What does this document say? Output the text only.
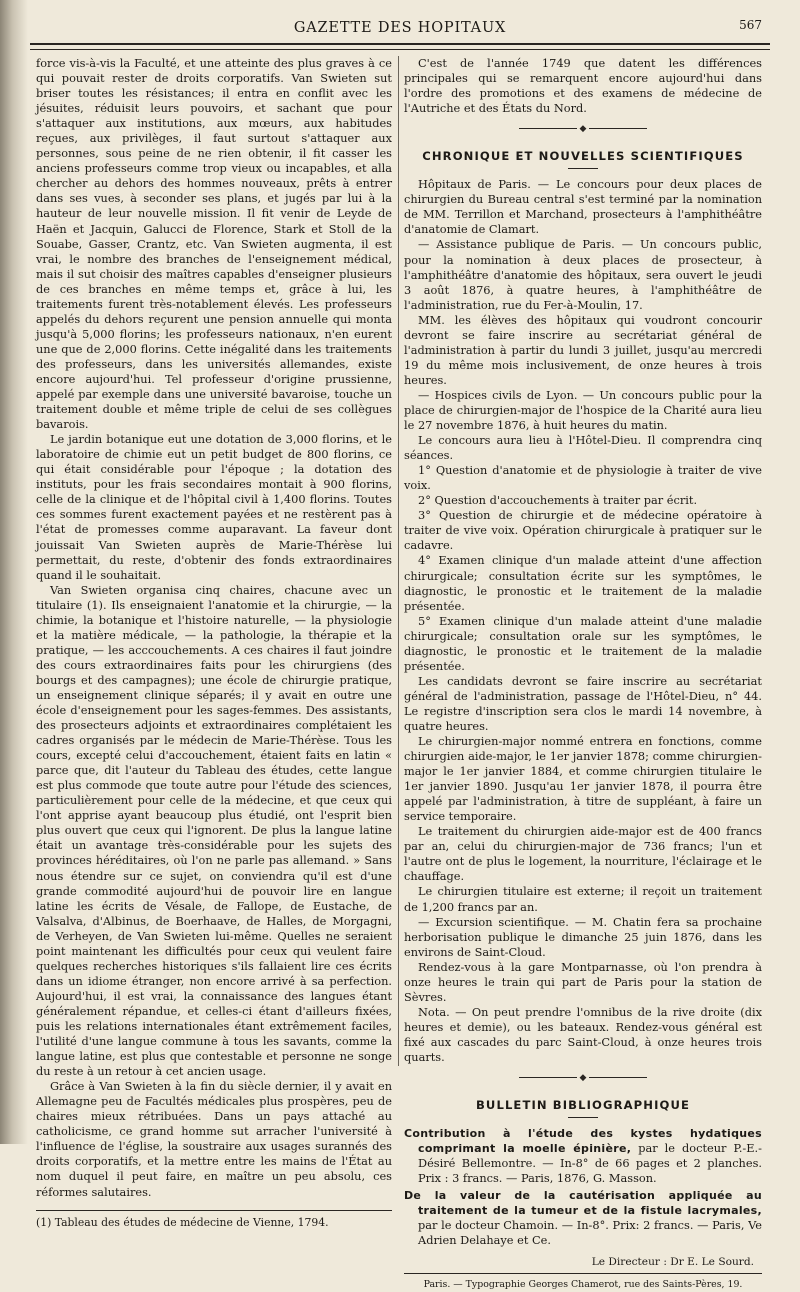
GAZETTE DES HOPITAUX	567

force vis-à-vis la Faculté, et une atteinte des plus graves à ce qui pouvait rester de droits corporatifs. Van Swieten sut briser toutes les résistances; il entra en conflit avec les jésuites, réduisit leurs pouvoirs, et sachant que pour s'attaquer aux institutions, aux mœurs, aux habitudes reçues, aux privilèges, il faut surtout s'attaquer aux personnes, sous peine de ne rien obtenir, il fit casser les anciens professeurs comme trop vieux ou incapables, et alla chercher au dehors des hommes nouveaux, prêts à entrer dans ses vues, à seconder ses plans, et jugés par lui à la hauteur de leur nouvelle mission. Il fit venir de Leyde de Haën et Jacquin, Galucci de Florence, Stark et Stoll de la Souabe, Gasser, Crantz, etc. Van Swieten augmenta, il est vrai, le nombre des branches de l'enseignement médical, mais il sut choisir des maîtres capables d'enseigner plusieurs de ces branches en même temps et, grâce à lui, les traitements furent très-notablement élevés. Les professeurs appelés du dehors reçurent une pension annuelle qui monta jusqu'à 5,000 florins; les professeurs nationaux, n'en eurent une que de 2,000 florins. Cette inégalité dans les traitements des professeurs, dans les universités allemandes, existe encore aujourd'hui. Tel professeur d'origine prussienne, appelé par exemple dans une université bavaroise, touche un traitement double et même triple de celui de ses collègues bavarois.

Le jardin botanique eut une dotation de 3,000 florins, et le laboratoire de chimie eut un petit budget de 800 florins, ce qui était considérable pour l'époque ; la dotation des instituts, pour les frais secondaires montait à 900 florins, celle de la clinique et de l'hôpital civil à 1,400 florins. Toutes ces sommes furent exactement payées et ne restèrent pas à l'état de promesses comme auparavant. La faveur dont jouissait Van Swieten auprès de Marie-Thérèse lui permettait, du reste, d'obtenir des fonds extraordinaires quand il le souhaitait.

Van Swieten organisa cinq chaires, chacune avec un titulaire (1). Ils enseignaient l'anatomie et la chirurgie, — la chimie, la botanique et l'histoire naturelle, — la physiologie et la matière médicale, — la pathologie, la thérapie et la pratique, — les acccouchements. A ces chaires il faut joindre des cours extraordinaires faits pour les chirurgiens (des bourgs et des campagnes); une école de chirurgie pratique, un enseignement clinique séparés; il y avait en outre une école d'enseignement pour les sages-femmes. Des assistants, des prosecteurs adjoints et extraordinaires complétaient les cadres organisés par le médecin de Marie-Thérèse. Tous les cours, excepté celui d'accouchement, étaient faits en latin « parce que, dit l'auteur du Tableau des études, cette langue est plus commode que toute autre pour l'étude des sciences, particulièrement pour celle de la médecine, et que ceux qui l'ont apprise ayant beaucoup plus étudié, ont l'esprit bien plus ouvert que ceux qui l'ignorent. De plus la langue latine était un avantage très-considérable pour les sujets des provinces héréditaires, où l'on ne parle pas allemand. » Sans nous étendre sur ce sujet, on conviendra qu'il est d'une grande commodité aujourd'hui de pouvoir lire en langue latine les écrits de Vésale, de Fallope, de Eustache, de Valsalva, d'Albinus, de Boerhaave, de Halles, de Morgagni, de Verheyen, de Van Swieten lui-même. Quelles ne seraient point maintenant les difficultés pour ceux qui veulent faire quelques recherches historiques s'ils fallaient lire ces écrits dans un idiome étranger, non encore arrivé à sa perfection. Aujourd'hui, il est vrai, la connaissance des langues étant généralement répandue, et celles-ci étant d'ailleurs fixées, puis les relations internationales étant extrêmement faciles, l'utilité d'une langue commune à tous les savants, comme la langue latine, est plus que contestable et personne ne songe du reste à un retour à cet ancien usage.

Grâce à Van Swieten à la fin du siècle dernier, il y avait en Allemagne peu de Facultés médicales plus prospères, peu de chaires mieux rétribuées. Dans un pays attaché au catholicisme, ce grand homme sut arracher l'université à l'influence de l'église, la soustraire aux usages surannés des droits corporatifs, et la mettre entre les mains de l'État au nom duquel il peut faire, en maître un peu absolu, ces réformes salutaires.

(1) Tableau des études de médecine de Vienne, 1794.

C'est de l'année 1749 que datent les différences principales qui se remarquent encore aujourd'hui dans l'ordre des promotions et des examens de médecine de l'Autriche et des États du Nord.

◆
CHRONIQUE ET NOUVELLES SCIENTIFIQUES

Hôpitaux de Paris. — Le concours pour deux places de chirurgien du Bureau central s'est terminé par la nomination de MM. Terrillon et Marchand, prosecteurs à l'amphithéâtre d'anatomie de Clamart.

— Assistance publique de Paris. — Un concours public, pour la nomination à deux places de prosecteur, à l'amphithéâtre d'anatomie des hôpitaux, sera ouvert le jeudi 3 août 1876, à quatre heures, à l'amphithéâtre de l'administration, rue du Fer-à-Moulin, 17.

MM. les élèves des hôpitaux qui voudront concourir devront se faire inscrire au secrétariat général de l'administration à partir du lundi 3 juillet, jusqu'au mercredi 19 du même mois inclusivement, de onze heures à trois heures.

— Hospices civils de Lyon. — Un concours public pour la place de chirurgien-major de l'hospice de la Charité aura lieu le 27 novembre 1876, à huit heures du matin.

Le concours aura lieu à l'Hôtel-Dieu. Il comprendra cinq séances.

1° Question d'anatomie et de physiologie à traiter de vive voix.

2° Question d'accouchements à traiter par écrit.

3° Question de chirurgie et de médecine opératoire à traiter de vive voix. Opération chirurgicale à pratiquer sur le cadavre.

4° Examen clinique d'un malade atteint d'une affection chirurgicale; consultation écrite sur les symptômes, le diagnostic, le pronostic et le traitement de la maladie présentée.

5° Examen clinique d'un malade atteint d'une maladie chirurgicale; consultation orale sur les symptômes, le diagnostic, le pronostic et le traitement de la maladie présentée.

Les candidats devront se faire inscrire au secrétariat général de l'administration, passage de l'Hôtel-Dieu, n° 44. Le registre d'inscription sera clos le mardi 14 novembre, à quatre heures.

Le chirurgien-major nommé entrera en fonctions, comme chirurgien aide-major, le 1er janvier 1878; comme chirurgien-major le 1er janvier 1884, et comme chirurgien titulaire le 1er janvier 1890. Jusqu'au 1er janvier 1878, il pourra être appelé par l'administration, à titre de suppléant, à faire un service temporaire.

Le traitement du chirurgien aide-major est de 400 francs par an, celui du chirurgien-major de 736 francs; l'un et l'autre ont de plus le logement, la nourriture, l'éclairage et le chauffage.

Le chirurgien titulaire est externe; il reçoit un traitement de 1,200 francs par an.

— Excursion scientifique. — M. Chatin fera sa prochaine herborisation publique le dimanche 25 juin 1876, dans les environs de Saint-Cloud.

Rendez-vous à la gare Montparnasse, où l'on prendra à onze heures le train qui part de Paris pour la station de Sèvres.

Nota. — On peut prendre l'omnibus de la rive droite (dix heures et demie), ou les bateaux. Rendez-vous général est fixé aux cascades du parc Saint-Cloud, à onze heures trois quarts.

◆
BULLETIN BIBLIOGRAPHIQUE

Contribution à l'étude des kystes hydatiques comprimant la moelle épinière, par le docteur P.-E.-Désiré Bellemontre. — In-8° de 66 pages et 2 planches. Prix : 3 francs. — Paris, 1876, G. Masson.

De la valeur de la cautérisation appliquée au traitement de la tumeur et de la fistule lacrymales, par le docteur Chamoin. — In-8°. Prix: 2 francs. — Paris, Ve Adrien Delahaye et Ce.

Le Directeur : Dr E. Le Sourd.
Paris. — Typographie Georges Chamerot, rue des Saints-Pères, 19.
